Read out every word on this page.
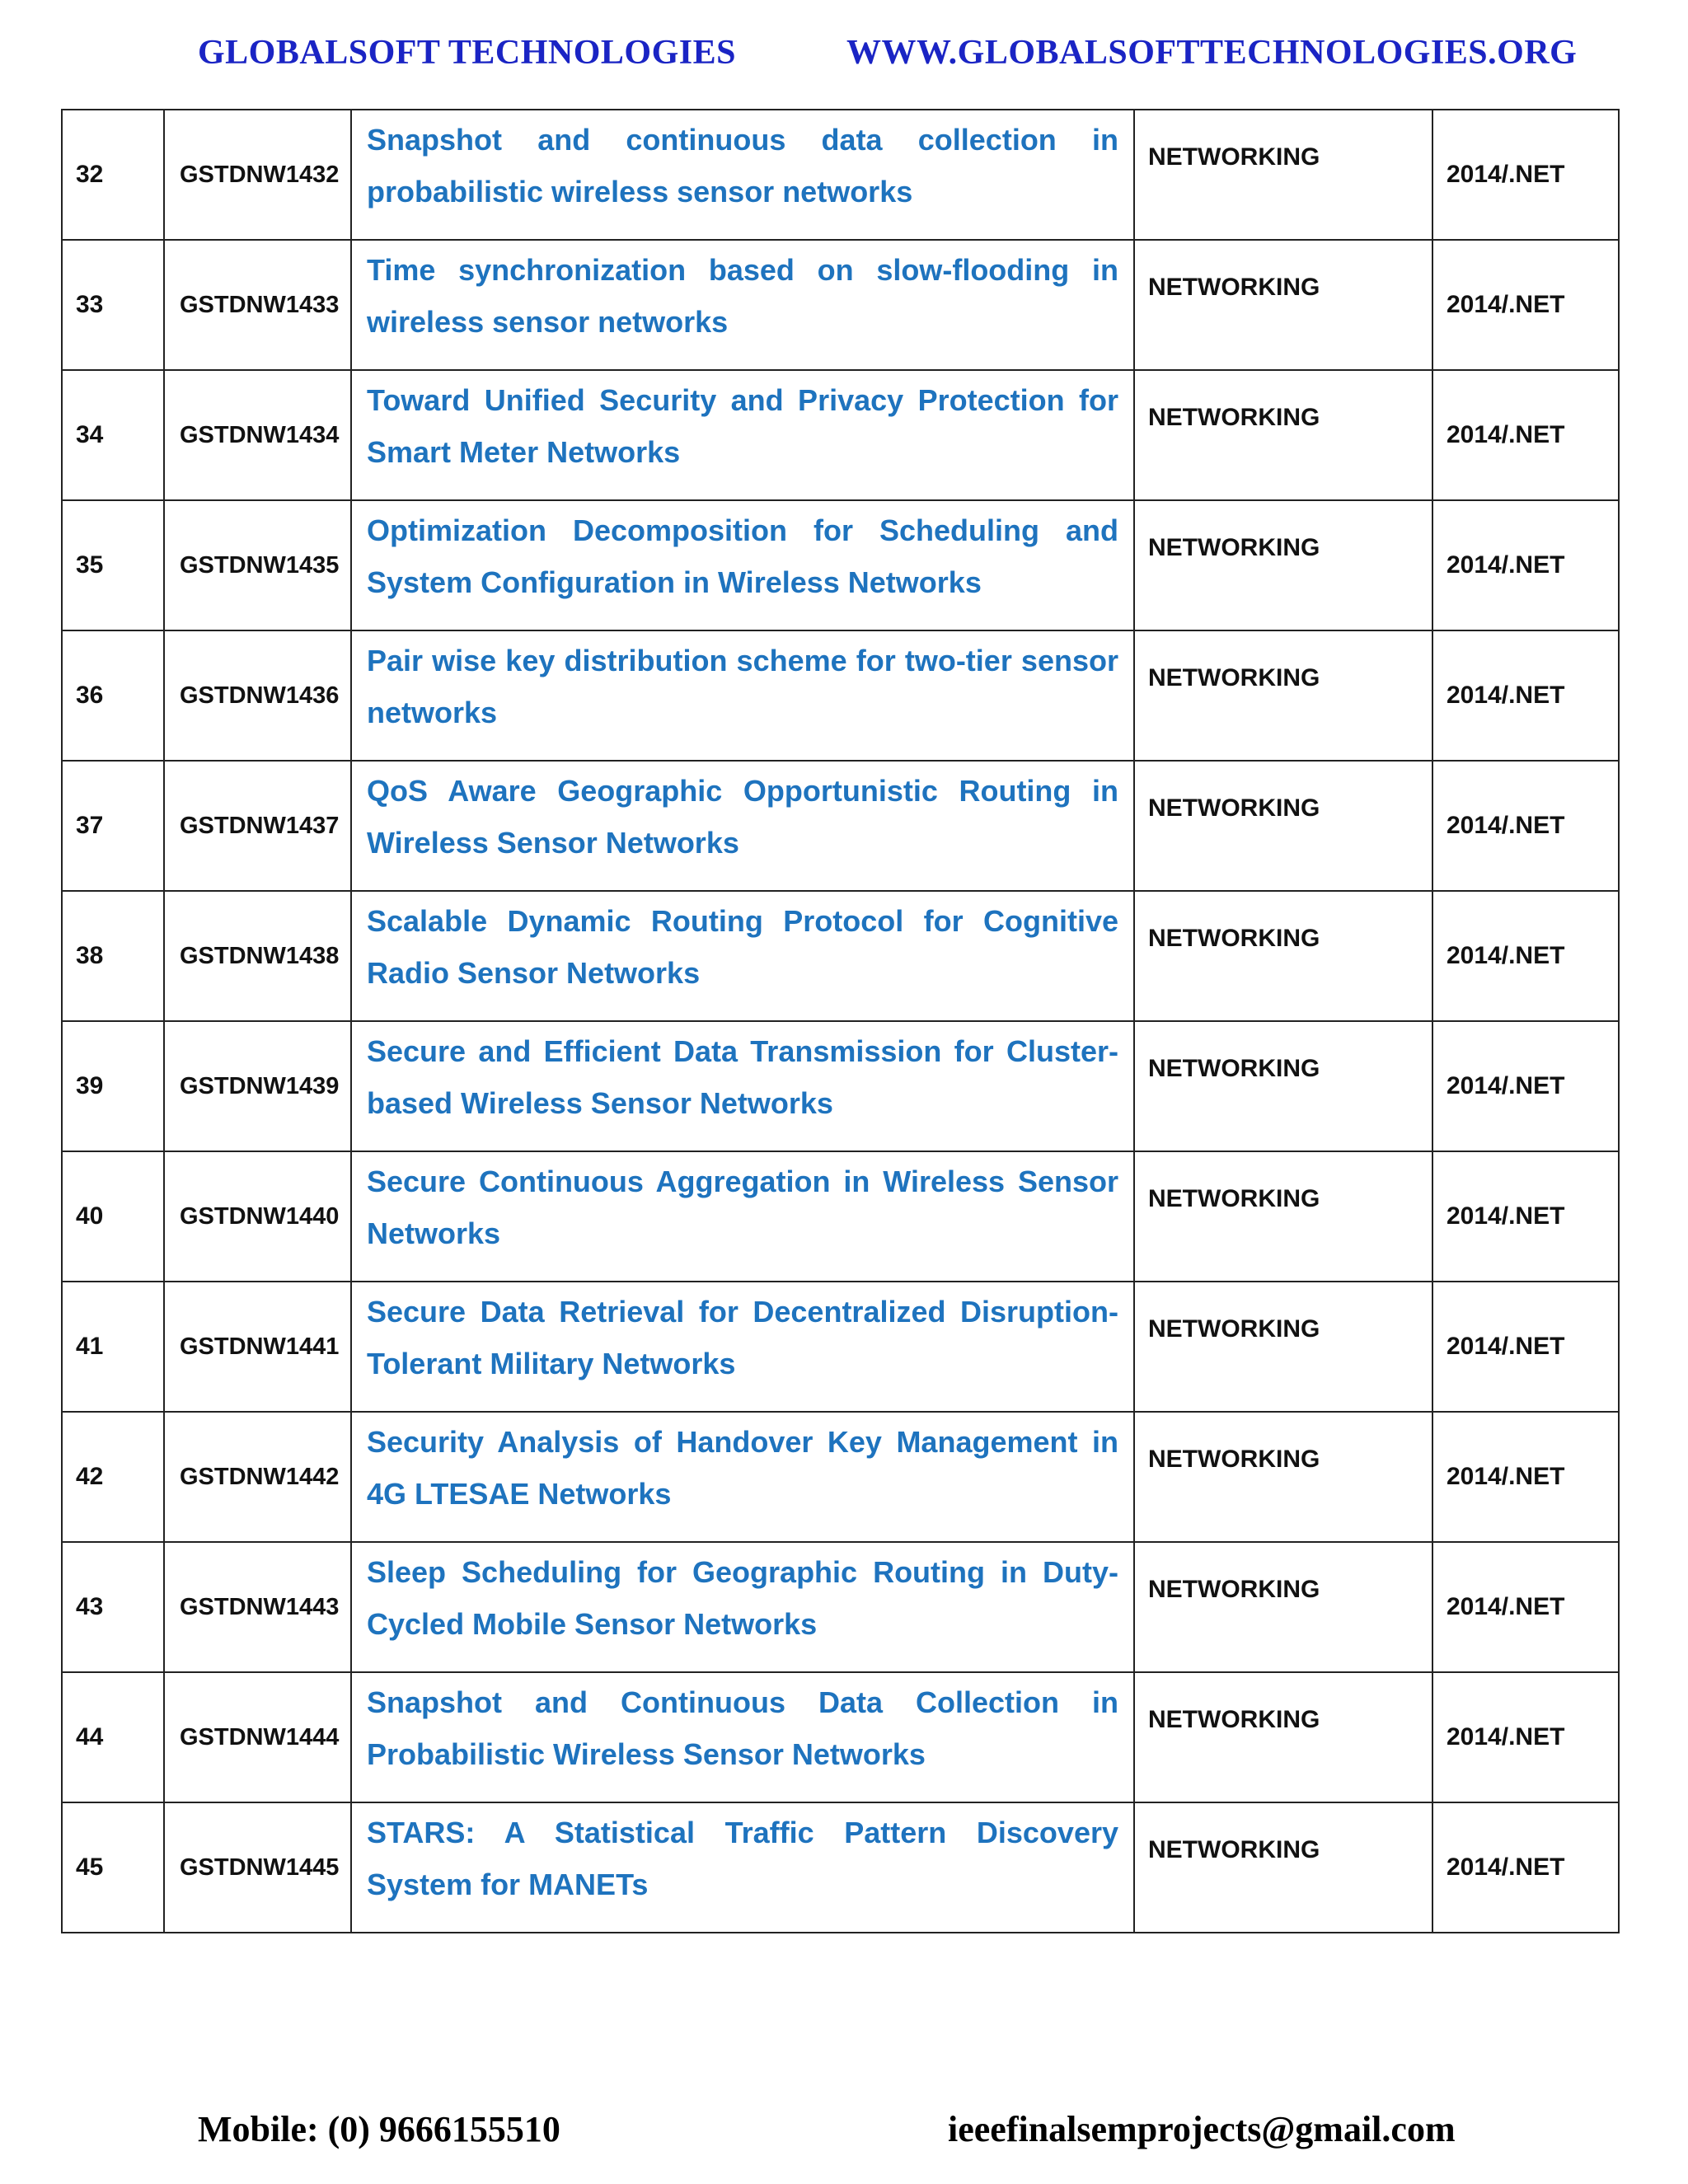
GLOBALSOFT TECHNOLOGIES	WWW.GLOBALSOFTTECHNOLOGIES.ORG
32	GSTDNW1432	Snapshot and continuous data collection in probabilistic wireless sensor networks	NETWORKING	2014/.NET
33	GSTDNW1433	Time synchronization based on slow-flooding in wireless sensor networks	NETWORKING	2014/.NET
34	GSTDNW1434	Toward Unified Security and Privacy Protection for Smart Meter Networks	NETWORKING	2014/.NET
35	GSTDNW1435	Optimization Decomposition for Scheduling and System Configuration in Wireless Networks	NETWORKING	2014/.NET
36	GSTDNW1436	Pair wise key distribution scheme for two-tier sensor networks	NETWORKING	2014/.NET
37	GSTDNW1437	QoS Aware Geographic Opportunistic Routing in Wireless Sensor Networks	NETWORKING	2014/.NET
38	GSTDNW1438	Scalable Dynamic Routing Protocol for Cognitive Radio Sensor Networks	NETWORKING	2014/.NET
39	GSTDNW1439	Secure and Efficient Data Transmission for Cluster-based Wireless Sensor Networks	NETWORKING	2014/.NET
40	GSTDNW1440	Secure Continuous Aggregation in Wireless Sensor Networks	NETWORKING	2014/.NET
41	GSTDNW1441	Secure Data Retrieval for Decentralized Disruption-Tolerant Military Networks	NETWORKING	2014/.NET
42	GSTDNW1442	Security Analysis of Handover Key Management in 4G LTESAE Networks	NETWORKING	2014/.NET
43	GSTDNW1443	Sleep Scheduling for Geographic Routing in Duty-Cycled Mobile Sensor Networks	NETWORKING	2014/.NET
44	GSTDNW1444	Snapshot and Continuous Data Collection in Probabilistic Wireless Sensor Networks	NETWORKING	2014/.NET
45	GSTDNW1445	STARS: A Statistical Traffic Pattern Discovery System for MANETs	NETWORKING	2014/.NET
Mobile: (0) 9666155510	ieeefinalsemprojects@gmail.com
